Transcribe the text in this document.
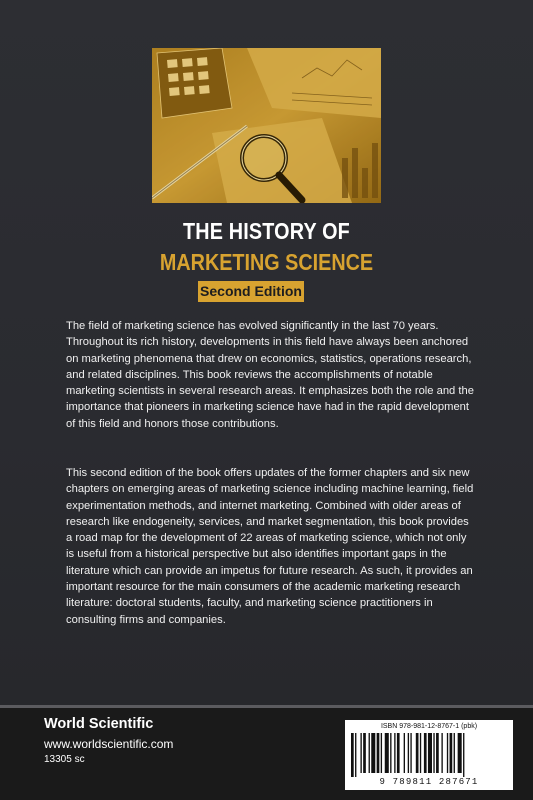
THE HISTORY OF
MARKETING SCIENCE
Second Edition

The field of marketing science has evolved significantly in the last 70 years. Throughout its rich history, developments in this field have always been anchored on marketing phenomena that drew on economics, statistics, operations research, and related disciplines. This book reviews the accomplishments of notable marketing scientists in several research areas. It emphasizes both the role and the importance that pioneers in marketing science have had in the rapid development of this field and honors those contributions.

This second edition of the book offers updates of the former chapters and six new chapters on emerging areas of marketing science including machine learning, field experimentation methods, and internet marketing. Combined with older areas of research like endogeneity, services, and market segmentation, this book provides a road map for the development of 22 areas of marketing science, which not only is useful from a historical perspective but also identifies important gaps in the literature which can provide an impetus for future research. As such, it provides an important resource for the main consumers of the academic marketing research literature: doctoral students, faculty, and marketing science practitioners in consulting firms and companies.

World Scientific
www.worldscientific.com
13305 sc
ISBN 978-981-12-8767-1 (pbk)
9 789811 287671
